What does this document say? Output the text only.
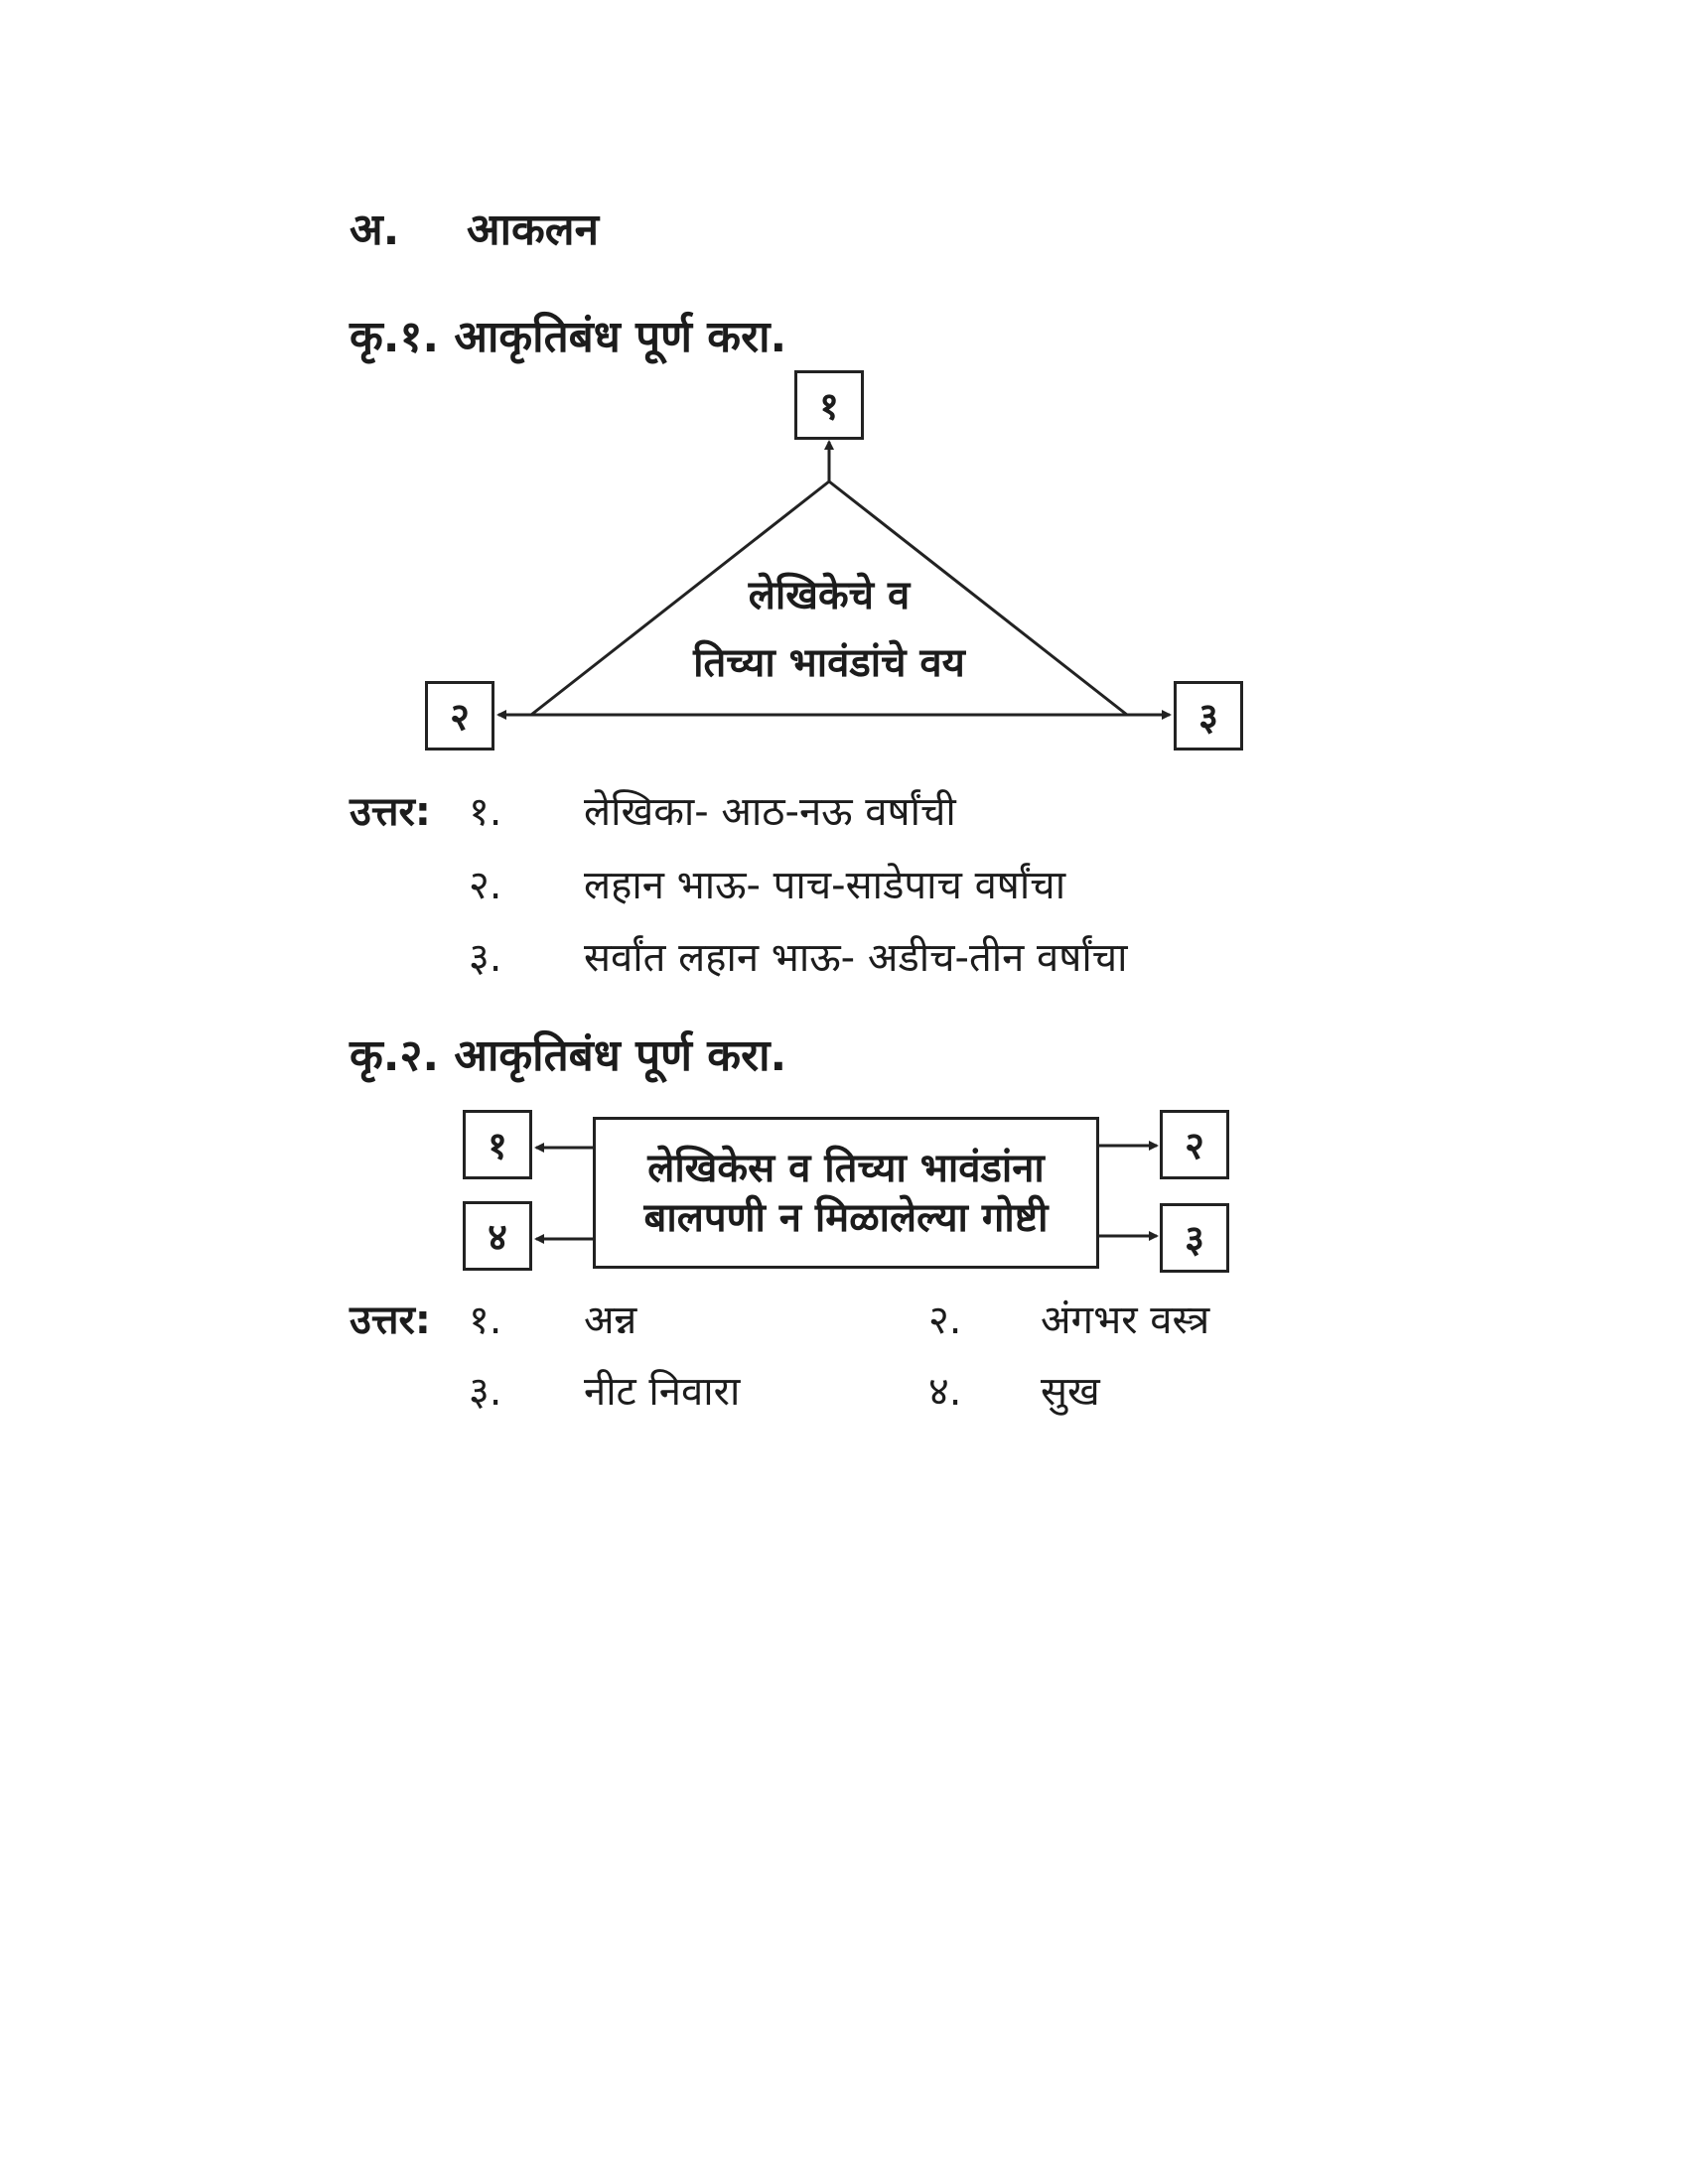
अ. आकलन
कृ.१. आकृतिबंध पूर्ण करा.
१
२	३
लेखिकेचे व
तिच्या भावंडांचे वय
उत्तर: १. लेखिका- आठ-नऊ वर्षांची
२. लहान भाऊ- पाच-साडेपाच वर्षांचा
३. सर्वांत लहान भाऊ- अडीच-तीन वर्षांचा
कृ.२. आकृतिबंध पूर्ण करा.
लेखिकेस व तिच्या भावंडांना
बालपणी न मिळालेल्या गोष्टी
१
४
२
३
उत्तर: १. अन्न	२. अंगभर वस्त्र
३. नीट निवारा	४. सुख
